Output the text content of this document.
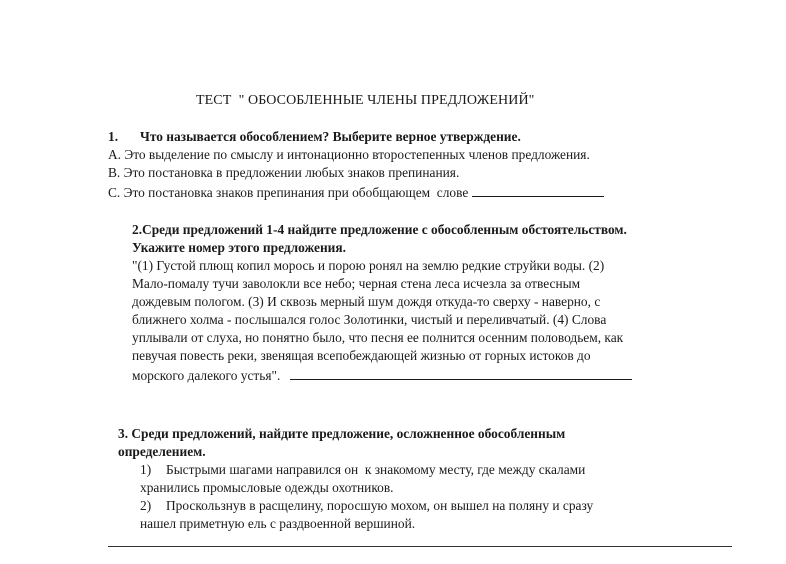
ТЕСТ  " ОБОСОБЛЕННЫЕ ЧЛЕНЫ ПРЕДЛОЖЕНИЙ"
1. Что называется обособлением? Выберите верное утверждение.
А. Это выделение по смыслу и интонационно второстепенных членов предложения.
В. Это постановка в предложении любых знаков препинания.
С. Это постановка знаков препинания при обобщающем  слове
2.Среди предложений 1-4 найдите предложение с обособленным обстоятельством.
Укажите номер этого предложения.
"(1) Густой плющ копил морось и порою ронял на землю редкие струйки воды. (2)
Мало-помалу тучи заволокли все небо; черная стена леса исчезла за отвесным
дождевым пологом. (3) И сквозь мерный шум дождя откуда-то сверху - наверно, с
ближнего холма - послышался голос Золотинки, чистый и переливчатый. (4) Слова
уплывали от слуха, но понятно было, что песня ее полнится осенним половодьем, как
певучая повесть реки, звенящая всепобеждающей жизнью от горных истоков до
морского далекого устья".
3. Среди предложений, найдите предложение, осложненное обособленным
определением.
1) Быстрыми шагами направился он  к знакомому месту, где между скалами
хранились промысловые одежды охотников.
2) Проскользнув в расщелину, поросшую мохом, он вышел на поляну и сразу
нашел приметную ель с раздвоенной вершиной.
